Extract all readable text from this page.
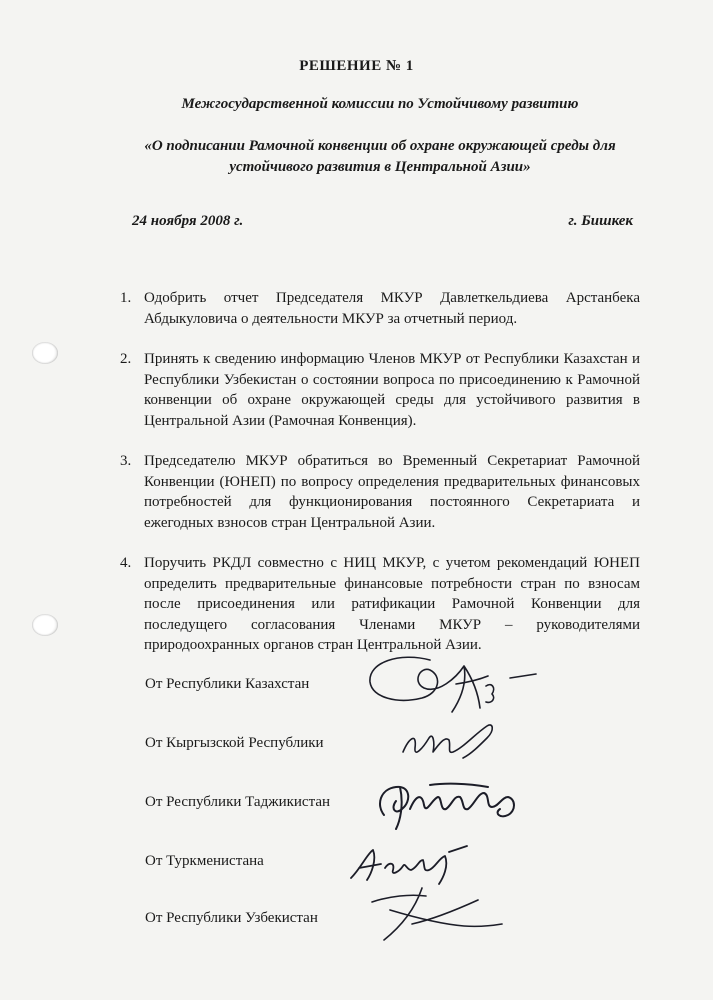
РЕШЕНИЕ № 1
Межгосударственной комиссии по Устойчивому развитию
«О подписании Рамочной конвенции об охране окружающей среды для
устойчивого развития в Центральной Азии»
24 ноября 2008 г.	г. Бишкек
1. Одобрить отчет Председателя МКУР Давлеткельдиева Арстанбека Абдыкуловича о деятельности МКУР за отчетный период.
2. Принять к сведению информацию Членов МКУР от Республики Казахстан и Республики Узбекистан о состоянии вопроса по присоединению к Рамочной конвенции об охране окружающей среды для устойчивого развития в Центральной Азии (Рамочная Конвенция).
3. Председателю МКУР обратиться во Временный Секретариат Рамочной Конвенции (ЮНЕП) по вопросу определения предварительных финансовых потребностей для функционирования постоянного Секретариата и ежегодных взносов стран Центральной Азии.
4. Поручить РКДЛ совместно с НИЦ МКУР, с учетом рекомендаций ЮНЕП определить предварительные финансовые потребности стран по взносам после присоединения или ратификации Рамочной Конвенции для последущего согласования Членами МКУР – руководителями природоохранных органов стран Центральной Азии.
От Республики Казахстан
От Кыргызской Республики
От Республики Таджикистан
От Туркменистана
От Республики Узбекистан
